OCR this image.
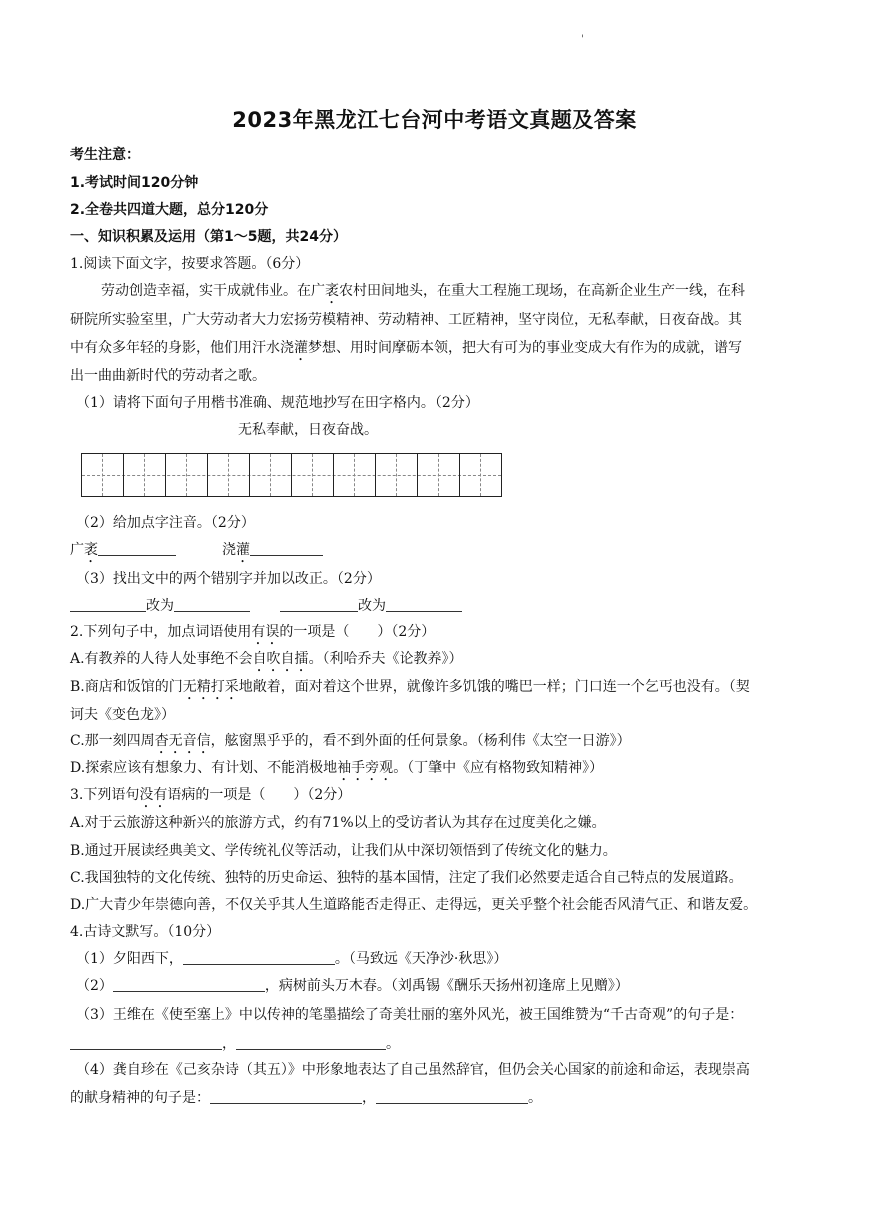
'
2023年黑龙江七台河中考语文真题及答案
考生注意：
1.考试时间120分钟
2.全卷共四道大题，总分120分
一、知识积累及运用（第1～5题，共24分）
1.阅读下面文字，按要求答题。（6分）
劳动创造幸福，实干成就伟业。在广袤农村田间地头，在重大工程施工现场，在高新企业生产一线，在科
研院所实验室里，广大劳动者大力宏扬劳模精神、劳动精神、工匠精神，坚守岗位，无私奉献，日夜奋战。其
中有众多年轻的身影，他们用汗水浇灌梦想、用时间摩砺本领，把大有可为的事业变成大有作为的成就，谱写
出一曲曲新时代的劳动者之歌。
（1）请将下面句子用楷书准确、规范地抄写在田字格内。（2分）
无私奉献，日夜奋战。
（2）给加点字注音。（2分）
广袤	浇灌
（3）找出文中的两个错别字并加以改正。（2分）
改为	改为
2.下列句子中，加点词语使用有误的一项是（　　）（2分）
A.有教养的人待人处事绝不会自吹自擂。（利哈乔夫《论教养》）
B.商店和饭馆的门无精打采地敞着，面对着这个世界，就像许多饥饿的嘴巴一样；门口连一个乞丐也没有。（契
诃夫《变色龙》）
C.那一刻四周杳无音信，舷窗黑乎乎的，看不到外面的任何景象。（杨利伟《太空一日游》）
D.探索应该有想象力、有计划、不能消极地袖手旁观。（丁肇中《应有格物致知精神》）
3.下列语句没有语病的一项是（　　）（2分）
A.对于云旅游这种新兴的旅游方式，约有71%以上的受访者认为其存在过度美化之嫌。
B.通过开展读经典美文、学传统礼仪等活动，让我们从中深切领悟到了传统文化的魅力。
C.我国独特的文化传统、独特的历史命运、独特的基本国情，注定了我们必然要走适合自己特点的发展道路。
D.广大青少年崇德向善，不仅关乎其人生道路能否走得正、走得远，更关乎整个社会能否风清气正、和谐友爱。
4.古诗文默写。（10分）
（1）夕阳西下，	。（马致远《天净沙·秋思》）
（2）	，病树前头万木春。（刘禹锡《酬乐天扬州初逢席上见赠》）
（3）王维在《使至塞上》中以传神的笔墨描绘了奇美壮丽的塞外风光，被王国维赞为“千古奇观”的句子是：
，	。
（4）龚自珍在《己亥杂诗（其五）》中形象地表达了自己虽然辞官，但仍会关心国家的前途和命运，表现崇高
的献身精神的句子是：	，	。
